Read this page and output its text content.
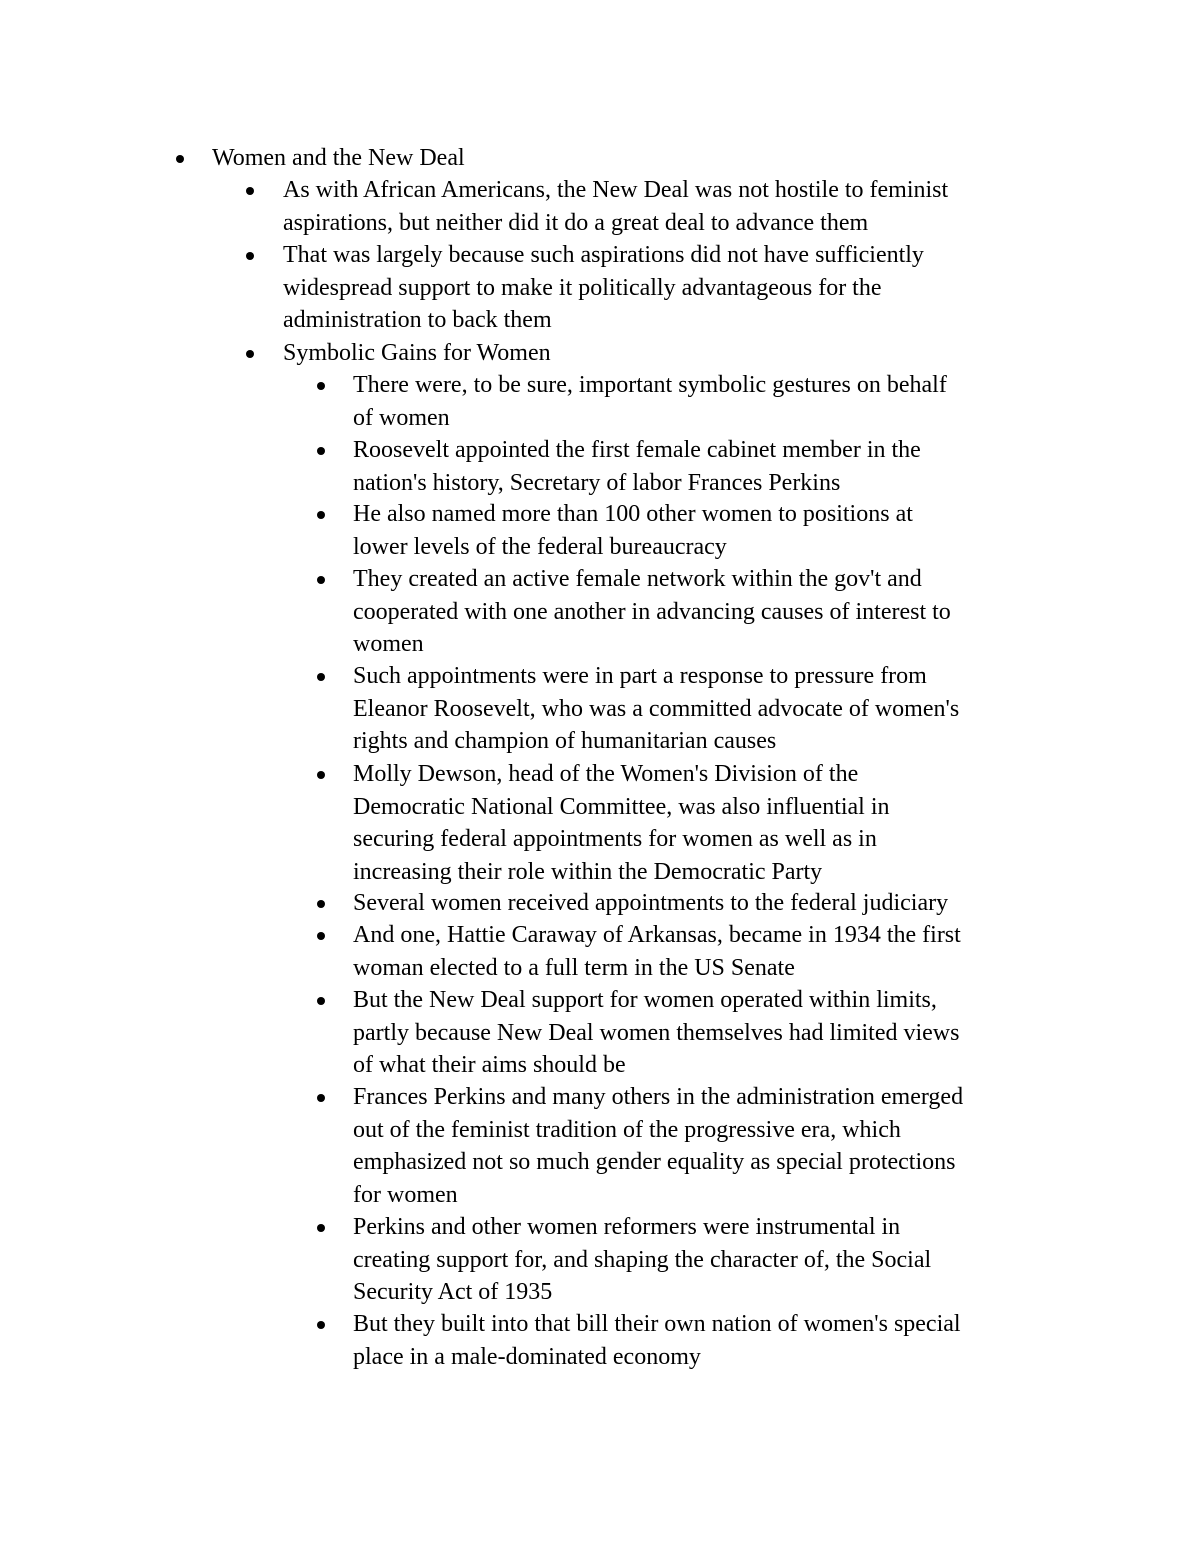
Women and the New Deal
As with African Americans, the New Deal was not hostile to feminist
aspirations, but neither did it do a great deal to advance them
That was largely because such aspirations did not have sufficiently
widespread support to make it politically advantageous for the
administration to back them
Symbolic Gains for Women
There were, to be sure, important symbolic gestures on behalf
of women
Roosevelt appointed the first female cabinet member in the
nation's history, Secretary of labor Frances Perkins
He also named more than 100 other women to positions at
lower levels of the federal bureaucracy
They created an active female network within the gov't and
cooperated with one another in advancing causes of interest to
women
Such appointments were in part a response to pressure from
Eleanor Roosevelt, who was a committed advocate of women's
rights and champion of humanitarian causes
Molly Dewson, head of the Women's Division of the
Democratic National Committee, was also influential in
securing federal appointments for women as well as in
increasing their role within the Democratic Party
Several women received appointments to the federal judiciary
And one, Hattie Caraway of Arkansas, became in 1934 the first
woman elected to a full term in the US Senate
But the New Deal support for women operated within limits,
partly because New Deal women themselves had limited views
of what their aims should be
Frances Perkins and many others in the administration emerged
out of the feminist tradition of the progressive era, which
emphasized not so much gender equality as special protections
for women
Perkins and other women reformers were instrumental in
creating support for, and shaping the character of, the Social
Security Act of 1935
But they built into that bill their own nation of women's special
place in a male-dominated economy
